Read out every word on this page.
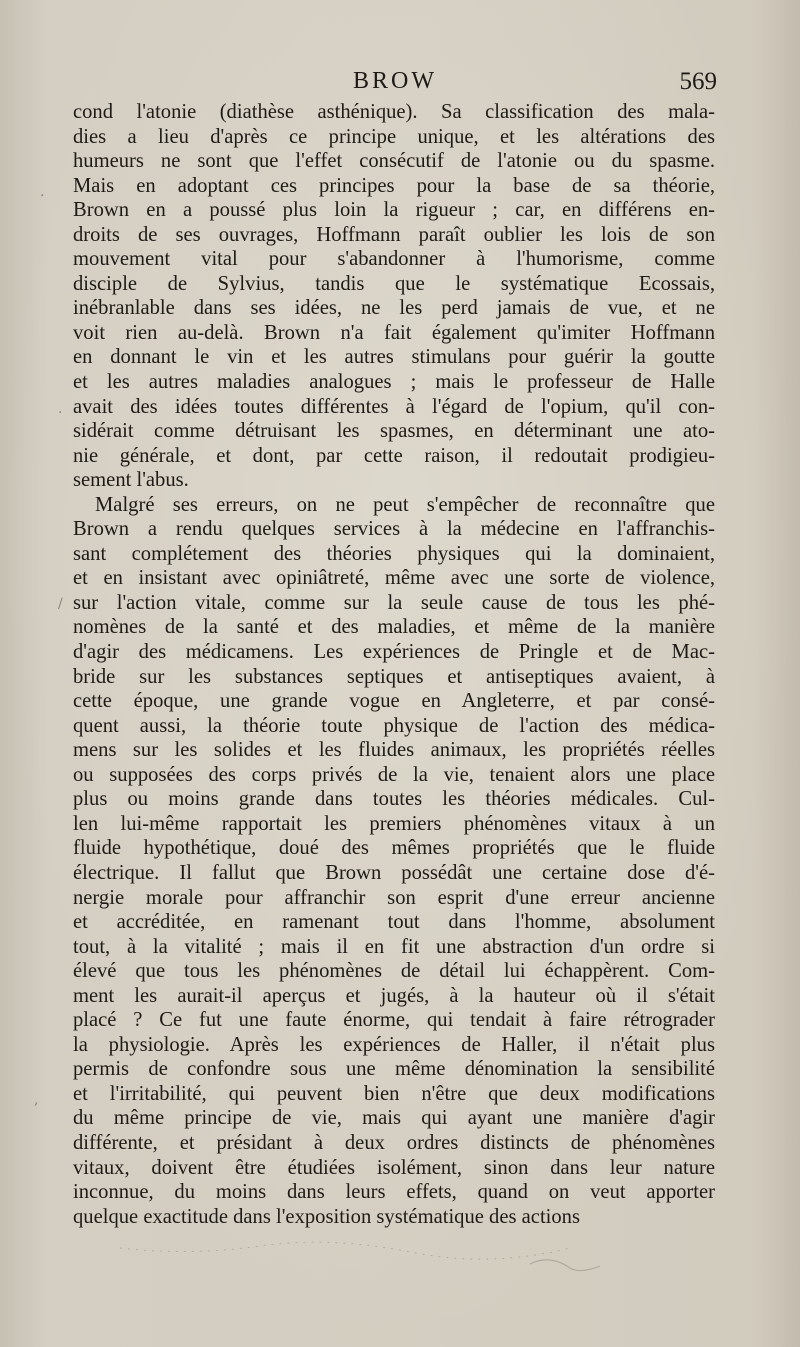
BROW	569
cond l'atonie (diathèse asthénique). Sa classification des mala-
dies a lieu d'après ce principe unique, et les altérations des
humeurs ne sont que l'effet consécutif de l'atonie ou du spasme.
Mais en adoptant ces principes pour la base de sa théorie,
Brown en a poussé plus loin la rigueur ; car, en différens en-
droits de ses ouvrages, Hoffmann paraît oublier les lois de son
mouvement vital pour s'abandonner à l'humorisme, comme
disciple de Sylvius, tandis que le systématique Ecossais,
inébranlable dans ses idées, ne les perd jamais de vue, et ne
voit rien au-delà. Brown n'a fait également qu'imiter Hoffmann
en donnant le vin et les autres stimulans pour guérir la goutte
et les autres maladies analogues ; mais le professeur de Halle
avait des idées toutes différentes à l'égard de l'opium, qu'il con-
sidérait comme détruisant les spasmes, en déterminant une ato-
nie générale, et dont, par cette raison, il redoutait prodigieu-
sement l'abus.
Malgré ses erreurs, on ne peut s'empêcher de reconnaître que
Brown a rendu quelques services à la médecine en l'affranchis-
sant complétement des théories physiques qui la dominaient,
et en insistant avec opiniâtreté, même avec une sorte de violence,
sur l'action vitale, comme sur la seule cause de tous les phé-
nomènes de la santé et des maladies, et même de la manière
d'agir des médicamens. Les expériences de Pringle et de Mac-
bride sur les substances septiques et antiseptiques avaient, à
cette époque, une grande vogue en Angleterre, et par consé-
quent aussi, la théorie toute physique de l'action des médica-
mens sur les solides et les fluides animaux, les propriétés réelles
ou supposées des corps privés de la vie, tenaient alors une place
plus ou moins grande dans toutes les théories médicales. Cul-
len lui-même rapportait les premiers phénomènes vitaux à un
fluide hypothétique, doué des mêmes propriétés que le fluide
électrique. Il fallut que Brown possédât une certaine dose d'é-
nergie morale pour affranchir son esprit d'une erreur ancienne
et accréditée, en ramenant tout dans l'homme, absolument
tout, à la vitalité ; mais il en fit une abstraction d'un ordre si
élevé que tous les phénomènes de détail lui échappèrent. Com-
ment les aurait-il aperçus et jugés, à la hauteur où il s'était
placé ? Ce fut une faute énorme, qui tendait à faire rétrograder
la physiologie. Après les expériences de Haller, il n'était plus
permis de confondre sous une même dénomination la sensibilité
et l'irritabilité, qui peuvent bien n'être que deux modifications
du même principe de vie, mais qui ayant une manière d'agir
différente, et présidant à deux ordres distincts de phénomènes
vitaux, doivent être étudiées isolément, sinon dans leur nature
inconnue, du moins dans leurs effets, quand on veut apporter
quelque exactitude dans l'exposition systématique des actions
·
/
,
·
